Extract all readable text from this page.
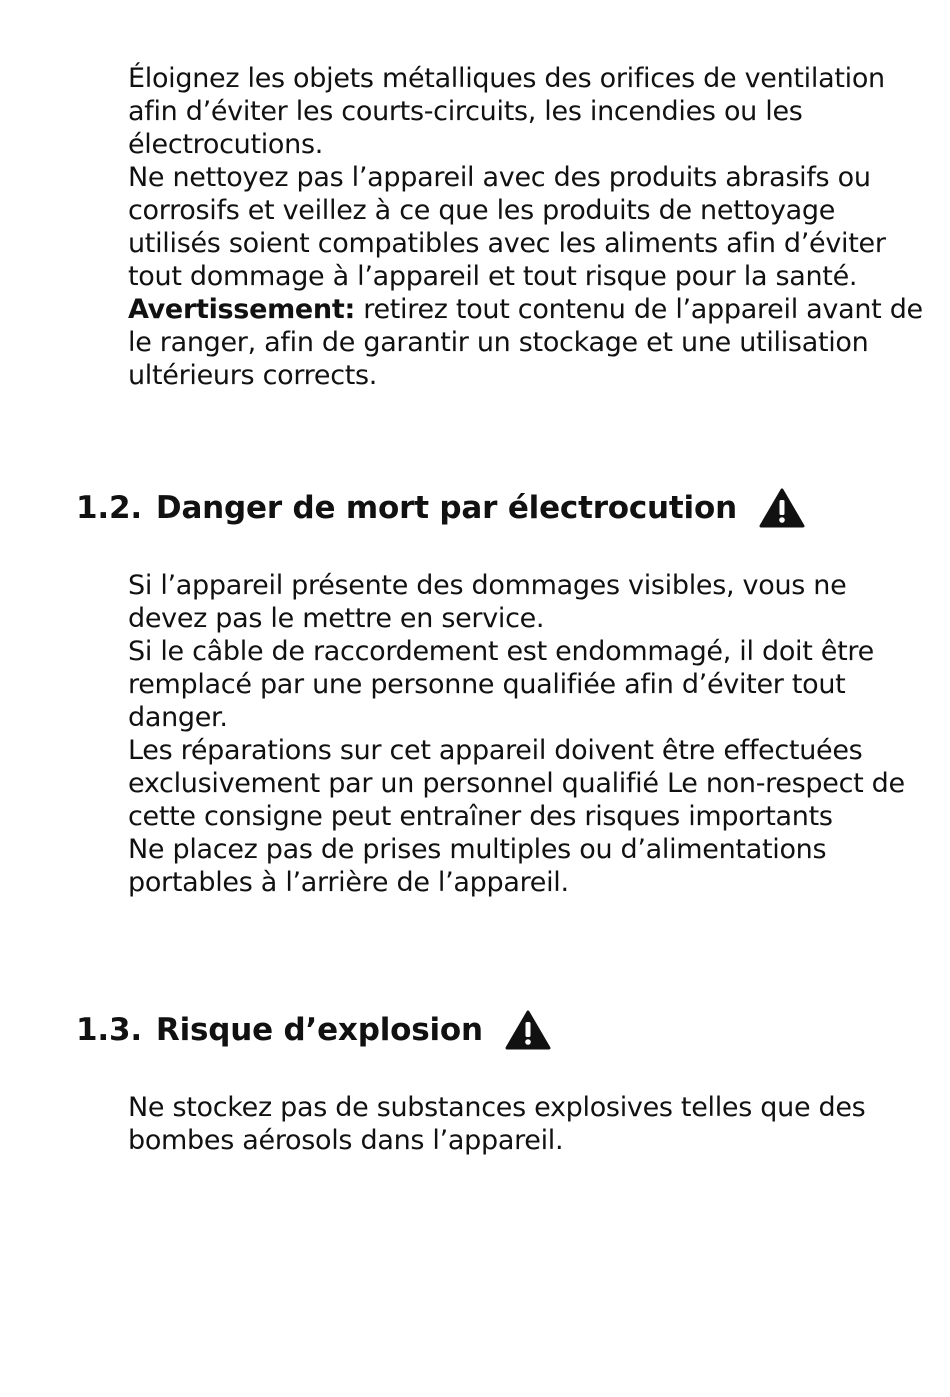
Éloignez les objets métalliques des orifices de ventilation afin d’éviter les courts-circuits, les incendies ou les électrocutions.

Ne nettoyez pas l’appareil avec des produits abrasifs ou corrosifs et veillez à ce que les produits de nettoyage utilisés soient compatibles avec les aliments afin d’éviter tout dommage à l’appareil et tout risque pour la santé.

Avertissement: retirez tout contenu de l’appareil avant de le ranger, afin de garantir un stockage et une utilisation ultérieurs corrects.

1.2. Danger de mort par électrocution

Si l’appareil présente des dommages visibles, vous ne devez pas le mettre en service.

Si le câble de raccordement est endommagé, il doit être remplacé par une personne qualifiée afin d’éviter tout danger.

Les réparations sur cet appareil doivent être effectuées exclusivement par un personnel qualifié Le non-respect de cette consigne peut entraîner des risques importants

Ne placez pas de prises multiples ou d’alimentations portables à l’arrière de l’appareil.

1.3. Risque d’explosion

Ne stockez pas de substances explosives telles que des bombes aérosols dans l’appareil.
